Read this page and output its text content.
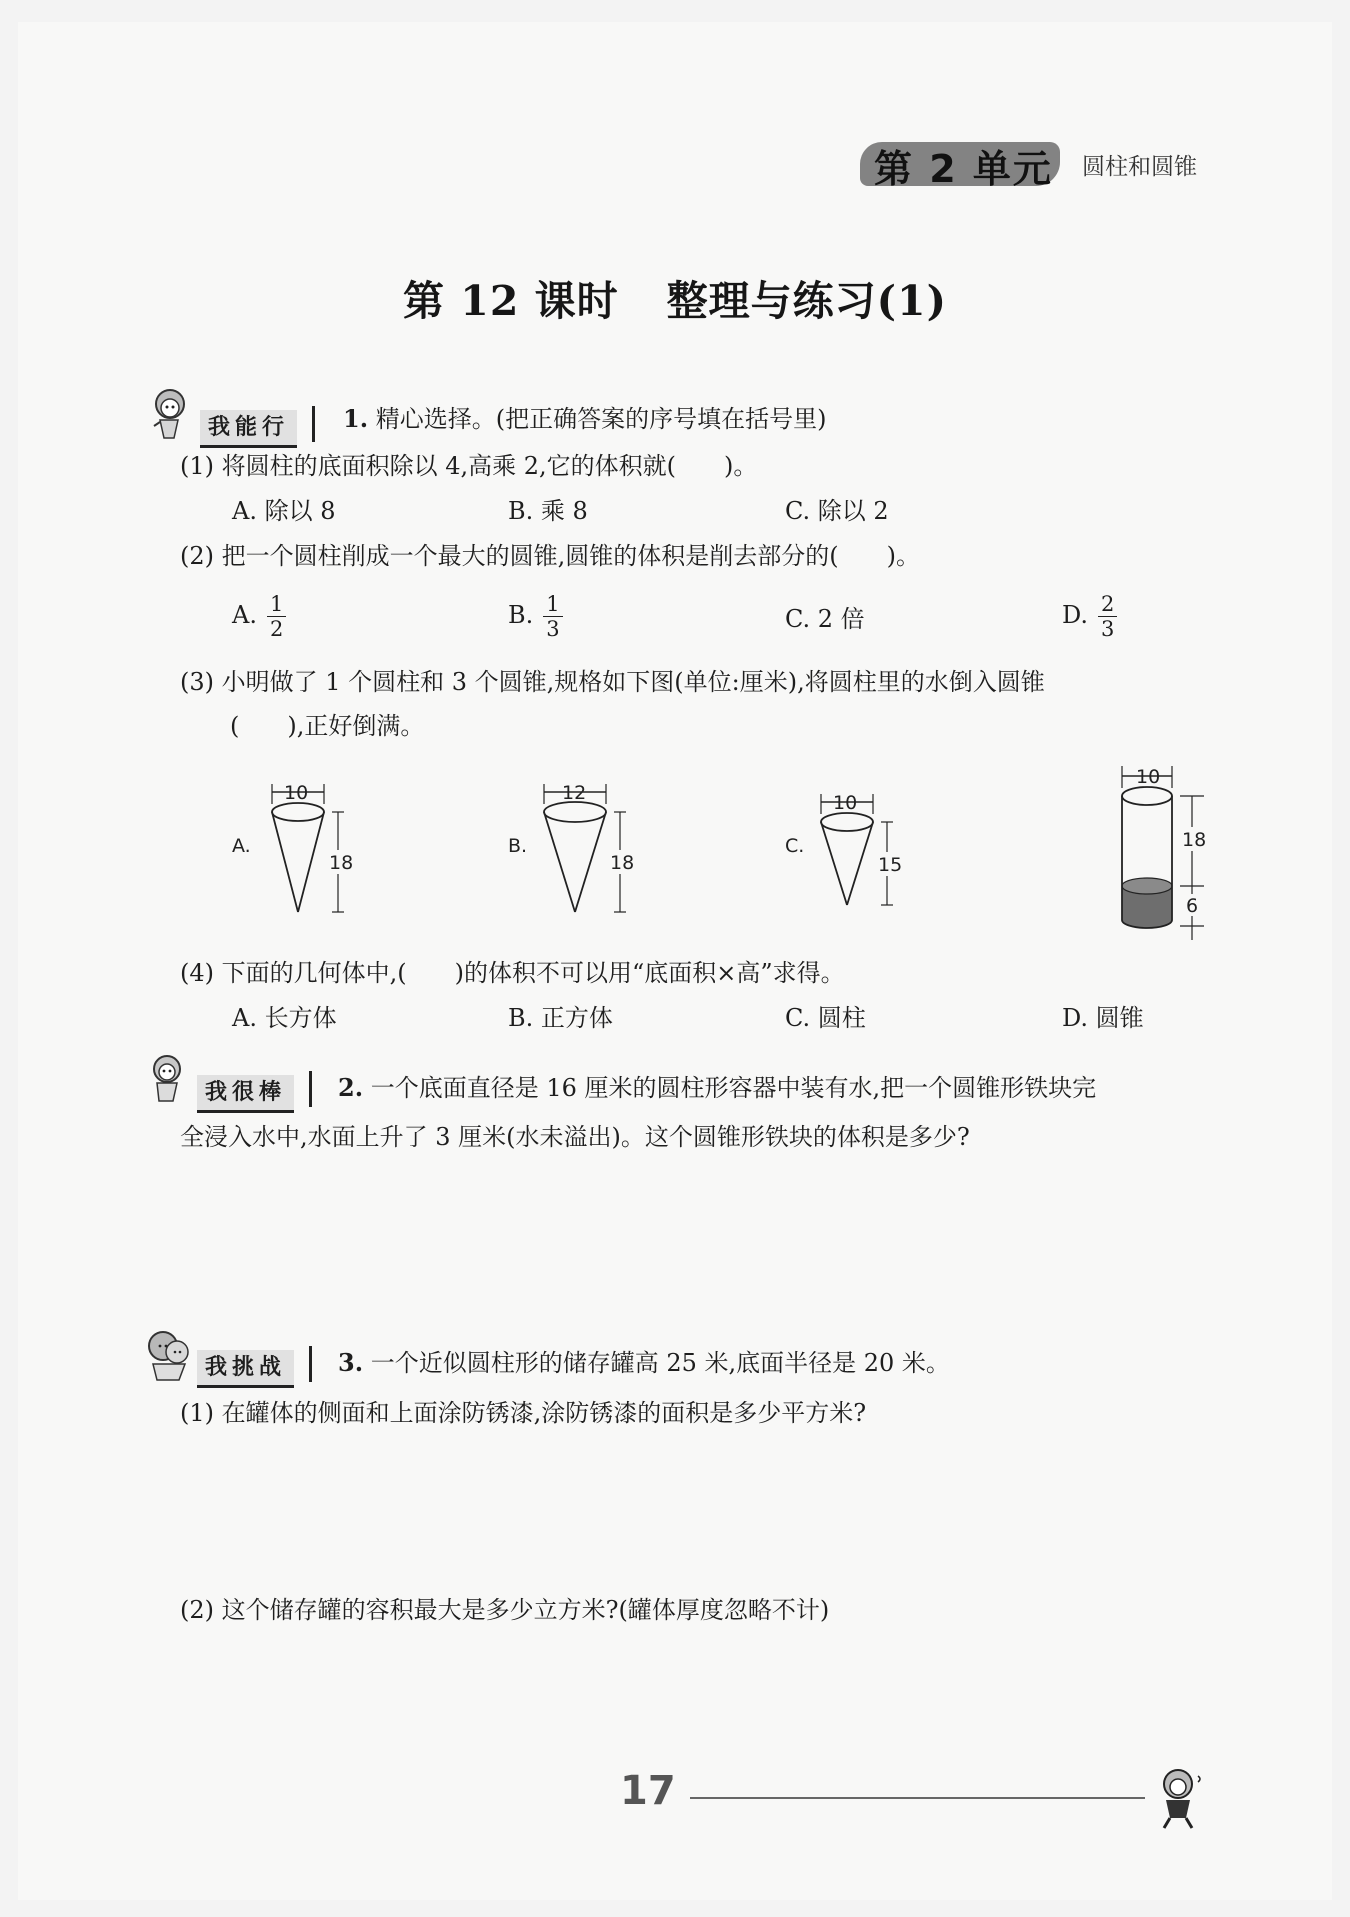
第 2 单元 圆柱和圆锥
第 12 课时 整理与练习(1)
我能行	1. 精心选择。(把正确答案的序号填在括号里)
(1) 将圆柱的底面积除以 4,高乘 2,它的体积就(　　)。
A. 除以 8	B. 乘 8	C. 除以 2
(2) 把一个圆柱削成一个最大的圆锥,圆锥的体积是削去部分的(　　)。
A. $\frac{1}{2}$	B. $\frac{1}{3}$	C. 2 倍	D. $\frac{2}{3}$
(3) 小明做了 1 个圆柱和 3 个圆锥,规格如下图(单位:厘米),将圆柱里的水倒入圆锥
(　　),正好倒满。
A.
10
18
B.
12
18
C.
10
15
10
18
6
(4) 下面的几何体中,(　　)的体积不可以用“底面积×高”求得。
A. 长方体	B. 正方体	C. 圆柱	D. 圆锥
我很棒	2. 一个底面直径是 16 厘米的圆柱形容器中装有水,把一个圆锥形铁块完
全浸入水中,水面上升了 3 厘米(水未溢出)。这个圆锥形铁块的体积是多少?
我挑战	3. 一个近似圆柱形的储存罐高 25 米,底面半径是 20 米。
(1) 在罐体的侧面和上面涂防锈漆,涂防锈漆的面积是多少平方米?
(2) 这个储存罐的容积最大是多少立方米?(罐体厚度忽略不计)
17
